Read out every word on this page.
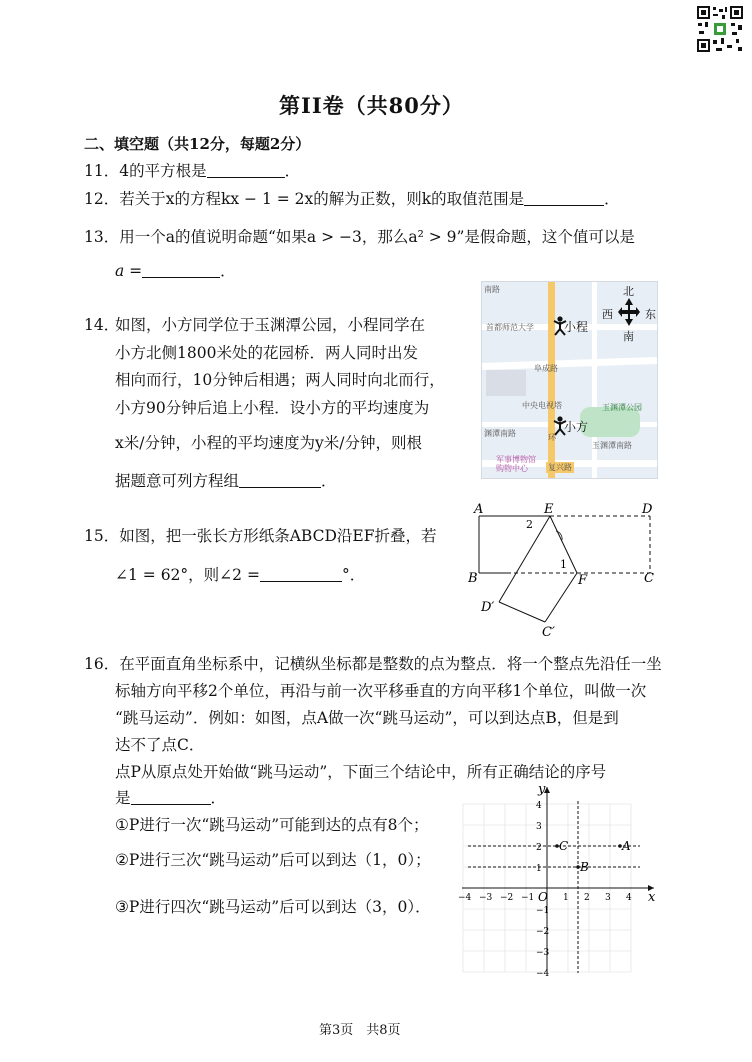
第II卷（共80分）
二、填空题（共12分，每题2分）
11．4的平方根是	．
12．若关于x的方程kx − 1 = 2x的解为正数，则k的取值范围是	．
13．用一个a的值说明命题“如果a > −3，那么a² > 9”是假命题，这个值可以是
a =	．
14．
如图，小方同学位于玉渊潭公园，小程同学在
小方北侧1800米处的花园桥．两人同时出发
相向而行，10分钟后相遇；两人同时向北而行，
小方90分钟后追上小程．设小方的平均速度为
x米/分钟，小程的平均速度为y米/分钟，则根
据题意可列方程组	．
南路
首都师范大学
阜成路
中央电视塔	玉渊潭公园
渊潭南路
玉渊潭南路
环
复兴路
军事博物馆
购物中心
小程
小方
北
西	东
南
15．如图，把一张长方形纸条ABCD沿EF折叠，若
∠1 = 62°，则∠2 =	°．
A
B	C
D
E
F
D′
C′
1
2
16．在平面直角坐标系中，记横纵坐标都是整数的点为整点．将一个整点先沿任一坐
标轴方向平移2个单位，再沿与前一次平移垂直的方向平移1个单位，叫做一次
“跳马运动”．例如：如图，点A做一次“跳马运动”，可以到达点B，但是到
达不了点C．
点P从原点处开始做“跳马运动”，下面三个结论中，所有正确结论的序号
是	．
①P进行一次“跳马运动”可能到达的点有8个；
②P进行三次“跳马运动”后可以到达（1，0）；
③P进行四次“跳马运动”后可以到达（3，0）．
x
y
O
A
B
C
−4 −3 −2 −1	1 2 3 4
4
3
2
1
−1
−2
−3
−4
第3页　共8页
